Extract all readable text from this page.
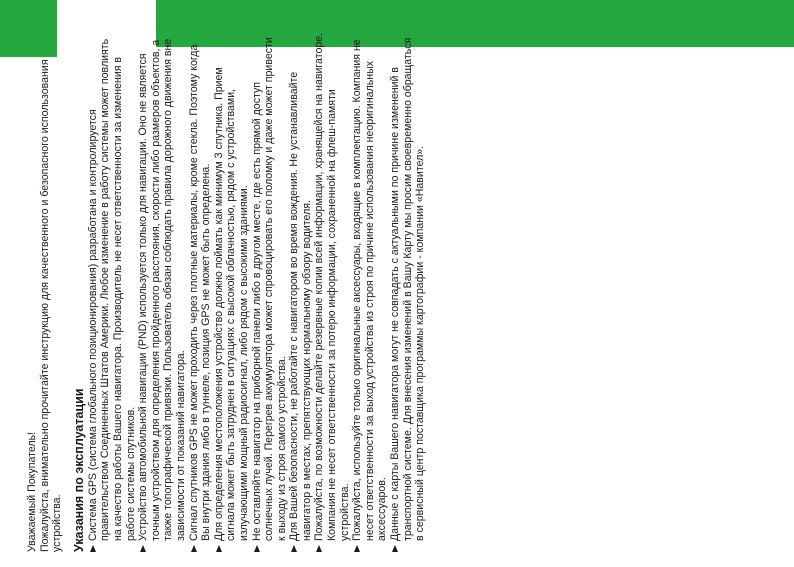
Уважаемый Покупатель! Пожалуйста, внимательно прочитайте инструкцию для качественного и безопасного использования устройства. Указания по эксплуатации Система GPS (система глобального позиционирования) разработана и контролируется правительством Соединенных Штатов Америки. Любое изменение в работу системы может повлиять на качество работы Вашего навигатора. Производитель не несет ответственности за изменения в работе системы спутников. Устройство автомобильной навигации (PND) используется только для навигации. Оно не является точным устройством для определения пройденного расстояния, скорости либо размеров объектов, а также топографической привязки. Пользователь обязан соблюдать правила дорожного движения вне зависимости от показаний навигатора. Сигнал спутников GPS не может проходить через плотные материалы, кроме стекла. Поэтому когда Вы внутри здания либо в туннеле, позиция GPS не может быть определена. Для определения местоположения устройство должно поймать как минимум 3 спутника. Прием сигнала может быть затруднен в ситуациях с высокой облачностью, рядом с устройствами, излучающими мощный радиосигнал, либо рядом с высокими зданиями. Не оставляйте навигатор на приборной панели либо в другом месте, где есть прямой доступ солнечных лучей. Перегрев аккумулятора может спровоцировать его поломку и даже может привести к выходу из строя самого устройства. Для Вашей безопасности, не работайте с навигатором во время вождения. Не устанавливайте навигатор в местах, препятствующих нормальному обзору водителя. Пожалуйста, по возможности делайте резервные копии всей информации, хранящейся на навигаторе. Компания не несет ответственности за потерю информации, сохраненной на флеш-памяти устройства. Пожалуйста, используйте только оригинальные аксессуары, входящие в комплектацию. Компания не несет ответственности за выход устройства из строя по причине использования неоригинальных аксессуаров. Данные с карты Вашего навигатора могут не совпадать с актуальными по причине изменений в транспортной системе. Для внесения изменений в Вашу Карту мы просим своевременно обращаться в сервисный центр поставщика программы картографии - компании «Навител».
